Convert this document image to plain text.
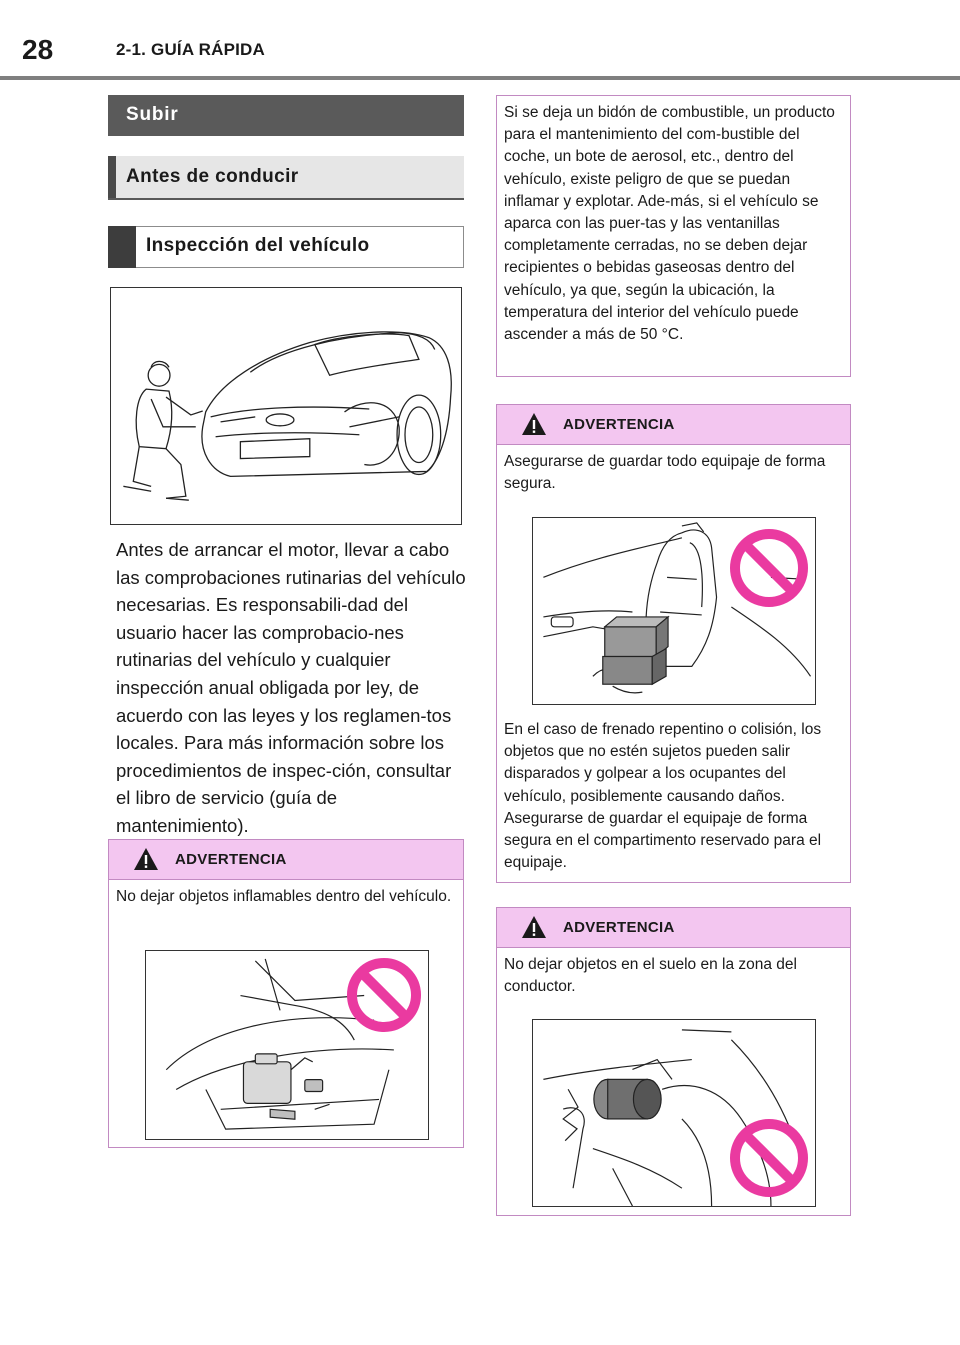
28	2-1. GUÍA RÁPIDA
Subir
Antes de conducir
Inspección del vehículo
Antes de arrancar el motor, llevar a cabo las comprobaciones rutinarias del vehículo necesarias. Es responsabili-dad del usuario hacer las comprobacio-nes rutinarias del vehículo y cualquier inspección anual obligada por ley, de acuerdo con las leyes y los reglamen-tos locales. Para más información sobre los procedimientos de inspec-ción, consultar el libro de servicio (guía de mantenimiento).
ADVERTENCIA
No dejar objetos inflamables dentro del vehículo.

Si se deja un bidón de combustible, un producto para el mantenimiento del com-bustible del coche, un bote de aerosol, etc., dentro del vehículo, existe peligro de que se puedan inflamar y explotar. Ade-más, si el vehículo se aparca con las puer-tas y las ventanillas completamente cerradas, no se deben dejar recipientes o bebidas gaseosas dentro del vehículo, ya que, según la ubicación, la temperatura del interior del vehículo puede ascender a más de 50 °C.

ADVERTENCIA
Asegurarse de guardar todo equipaje de forma segura.
En el caso de frenado repentino o colisión, los objetos que no estén sujetos pueden salir disparados y golpear a los ocupantes del vehículo, posiblemente causando daños. Asegurarse de guardar el equipaje de forma segura en el compartimento reservado para el equipaje.
ADVERTENCIA
No dejar objetos en el suelo en la zona del conductor.
